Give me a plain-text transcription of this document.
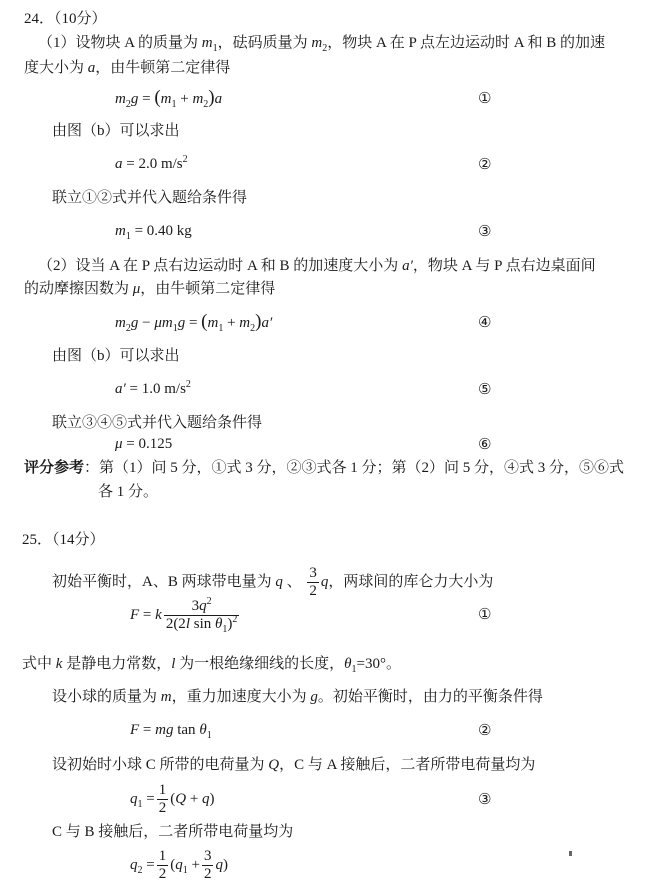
24．（10分）
（1）设物块 A 的质量为 $m_1$，砝码质量为 $m_2$，物块 A 在 P 点左边运动时 A 和 B 的加速
度大小为 a，由牛顿第二定律得
$m_2g = (m_1 + m_2)a$	①
由图（b）可以求出
a = 2.0 $m/s^2$	②
联立①②式并代入题给条件得
$m_1 = 0.40$ kg	③
（2）设当 A 在 P 点右边运动时 A 和 B 的加速度大小为 a′，物块 A 与 P 点右边桌面间
的动摩擦因数为 μ，由牛顿第二定律得
$m_2g - \mu m_1g = (m_1 + m_2)a'$	④
由图（b）可以求出
a′ = 1.0 $m/s^2$	⑤
联立③④⑤式并代入题给条件得
μ = 0.125	⑥
评分参考：第（1）问 5 分，①式 3 分，②③式各 1 分；第（2）问 5 分，④式 3 分，⑤⑥式
各 1 分。
25．（14分）
初始平衡时，A、B 两球带电量为 q 、 $\frac{3}{2}$ q，两球间的库仑力大小为
F = k $\frac{3q^2}{2(2l \sin \theta_1)^2}$	①
式中 k 是静电力常数，l 为一根绝缘细线的长度，$\theta_1=30^\circ$。
设小球的质量为 m，重力加速度大小为 g。初始平衡时，由力的平衡条件得
F = mg $\tan \theta_1$	②
设初始时小球 C 所带的电荷量为 Q，C 与 A 接触后，二者所带电荷量均为
$q_1 = \frac{1}{2} (Q + q)$	③
C 与 B 接触后，二者所带电荷量均为
$q_2 = \frac{1}{2} (q_1 + \frac{3}{2} q)$
